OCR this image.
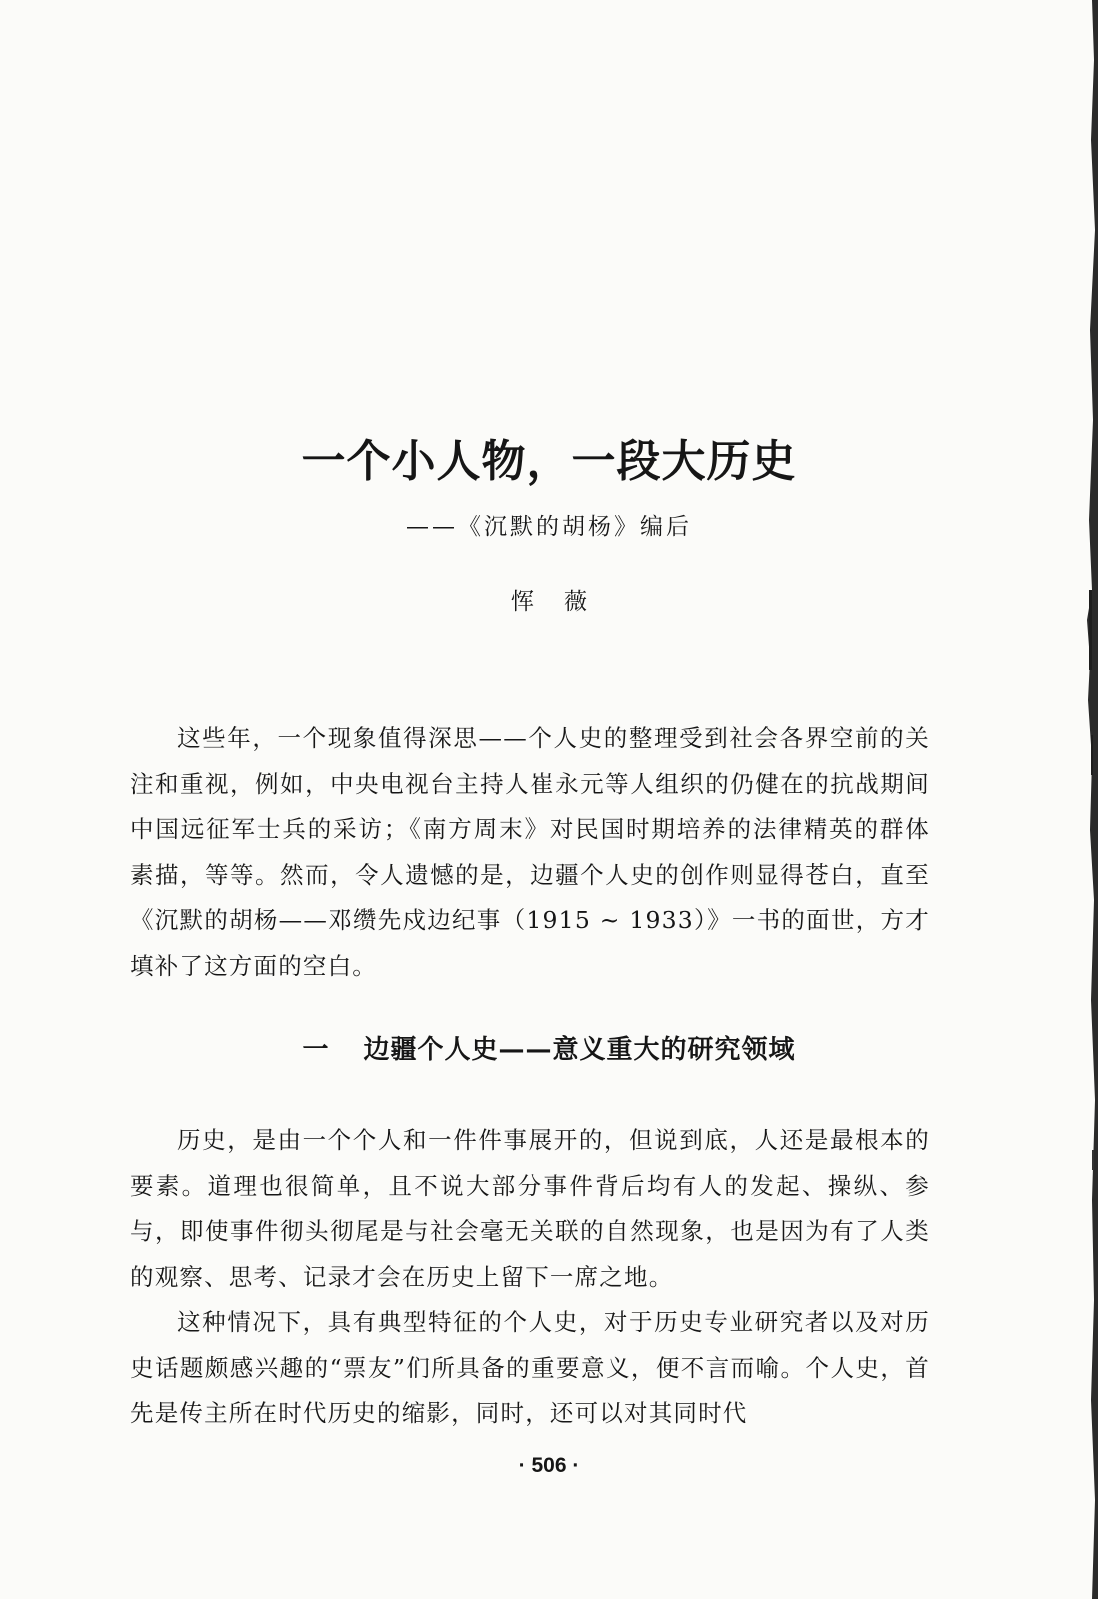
一个小人物，一段大历史

——《沉默的胡杨》编后

恽薇

这些年，一个现象值得深思——个人史的整理受到社会各界空前的关注和重视，例如，中央电视台主持人崔永元等人组织的仍健在的抗战期间中国远征军士兵的采访；《南方周末》对民国时期培养的法律精英的群体素描，等等。然而，令人遗憾的是，边疆个人史的创作则显得苍白，直至《沉默的胡杨——邓缵先戍边纪事（1915 ~ 1933）》一书的面世，方才填补了这方面的空白。

一 边疆个人史——意义重大的研究领域

历史，是由一个个人和一件件事展开的，但说到底，人还是最根本的要素。道理也很简单，且不说大部分事件背后均有人的发起、操纵、参与，即使事件彻头彻尾是与社会毫无关联的自然现象，也是因为有了人类的观察、思考、记录才会在历史上留下一席之地。

这种情况下，具有典型特征的个人史，对于历史专业研究者以及对历史话题颇感兴趣的“票友”们所具备的重要意义，便不言而喻。个人史，首先是传主所在时代历史的缩影，同时，还可以对其同时代

· 506 ·
